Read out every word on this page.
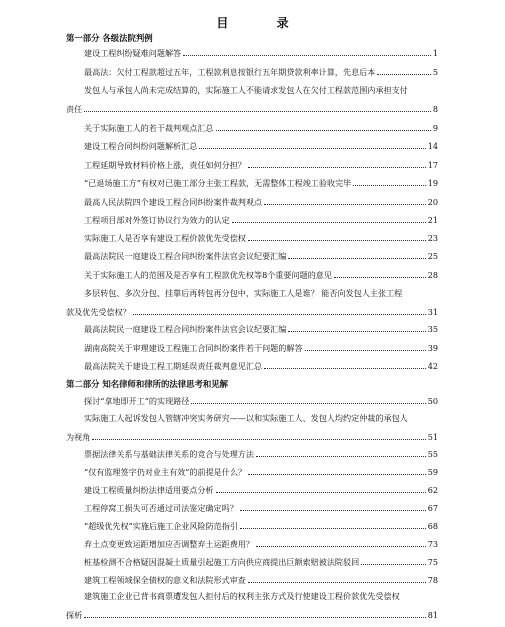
目 录
第一部分 各级法院判例
建设工程纠纷疑难问题解答	1
最高法：欠付工程款超过五年，工程款利息按银行五年期贷款利率计算，先息后本	5
发包人与承包人尚未完成结算的，实际施工人不能请求发包人在欠付工程款范围内承担支付
责任	8
关于实际施工人的若干裁判观点汇总	9
建设工程合同纠纷问题解析汇总	14
工程延期导致材料价格上涨，责任如何分担？	17
“已退场施工方”有权对已施工部分主张工程款，无需整体工程竣工验收完毕	19
最高人民法院四个建设工程合同纠纷案件裁判观点	20
工程项目部对外签订协议行为效力的认定	21
实际施工人是否享有建设工程价款优先受偿权	23
最高法院民一庭建设工程合同纠纷案件法官会议纪要汇编	25
关于实际施工人的范围及是否享有工程款优先权等8个重要问题的意见	28
多层转包、多次分包、挂靠后再转包再分包中，实际施工人是谁？ 能否向发包人主张工程
款及优先受偿权？	31
最高法院民一庭建设工程合同纠纷案件法官会议纪要汇编	35
湖南高院关于审理建设工程施工合同纠纷案件若干问题的解答	39
最高法院关于建设工程工期延误责任裁判意见汇总	42
第二部分 知名律师和律所的法律思考和见解
探讨“拿地即开工”的实现路径	50
实际施工人起诉发包人管辖冲突实务研究——以和实际施工人、发包人均约定仲裁的承包人
为视角	51
票据法律关系与基础法律关系的竞合与处理方法	55
“仅有监理签字仍对业主有效”的前提是什么？	59
建设工程质量纠纷法律适用要点分析	62
工程停窝工损失可否通过司法鉴定确定吗？	67
“超级优先权”实施后施工企业风险防范指引	68
弃土点变更致运距增加应否调整弃土运距费用？	73
桩基检测不合格疑因混凝土质量引起施工方向供应商提出巨额索赔被法院驳回	75
建筑工程领域保全债权的意义和法院形式审查	78
建筑施工企业已背书商票遭发包人拒付后的权利主张方式及行使建设工程价款优先受偿权
探析	81
